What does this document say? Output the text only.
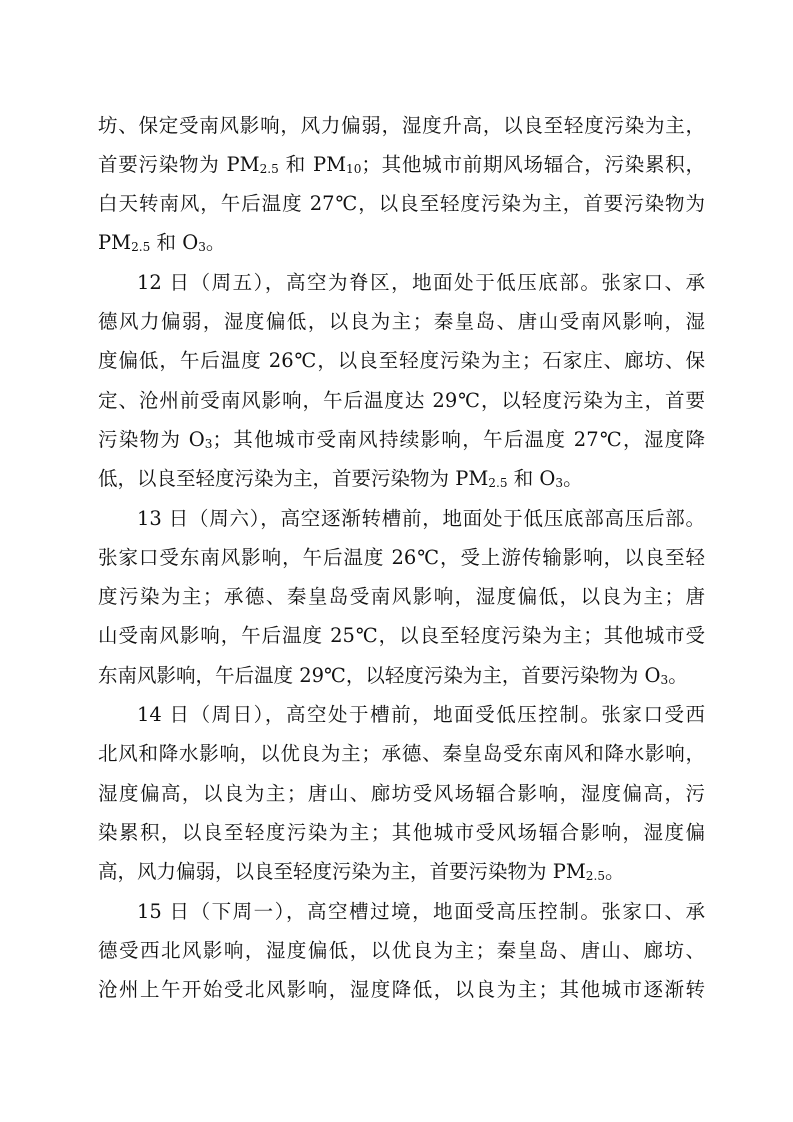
坊、保定受南风影响，风力偏弱，湿度升高，以良至轻度污染为主，
首要污染物为 $PM_{2.5}$ 和 $PM_{10}$；其他城市前期风场辐合，污染累积，
白天转南风，午后温度 27℃，以良至轻度污染为主，首要污染物为
$PM_{2.5}$ 和 $O_3$。
12 日（周五），高空为脊区，地面处于低压底部。张家口、承
德风力偏弱，湿度偏低，以良为主；秦皇岛、唐山受南风影响，湿
度偏低，午后温度 26℃，以良至轻度污染为主；石家庄、廊坊、保
定、沧州前受南风影响，午后温度达 29℃，以轻度污染为主，首要
污染物为 $O_3$；其他城市受南风持续影响，午后温度 27℃，湿度降
低，以良至轻度污染为主，首要污染物为 $PM_{2.5}$ 和 $O_3$。
13 日（周六），高空逐渐转槽前，地面处于低压底部高压后部。
张家口受东南风影响，午后温度 26℃，受上游传输影响，以良至轻
度污染为主；承德、秦皇岛受南风影响，湿度偏低，以良为主；唐
山受南风影响，午后温度 25℃，以良至轻度污染为主；其他城市受
东南风影响，午后温度 29℃，以轻度污染为主，首要污染物为 $O_3$。
14 日（周日），高空处于槽前，地面受低压控制。张家口受西
北风和降水影响，以优良为主；承德、秦皇岛受东南风和降水影响，
湿度偏高，以良为主；唐山、廊坊受风场辐合影响，湿度偏高，污
染累积，以良至轻度污染为主；其他城市受风场辐合影响，湿度偏
高，风力偏弱，以良至轻度污染为主，首要污染物为 $PM_{2.5}$。
15 日（下周一），高空槽过境，地面受高压控制。张家口、承
德受西北风影响，湿度偏低，以优良为主；秦皇岛、唐山、廊坊、
沧州上午开始受北风影响，湿度降低，以良为主；其他城市逐渐转
